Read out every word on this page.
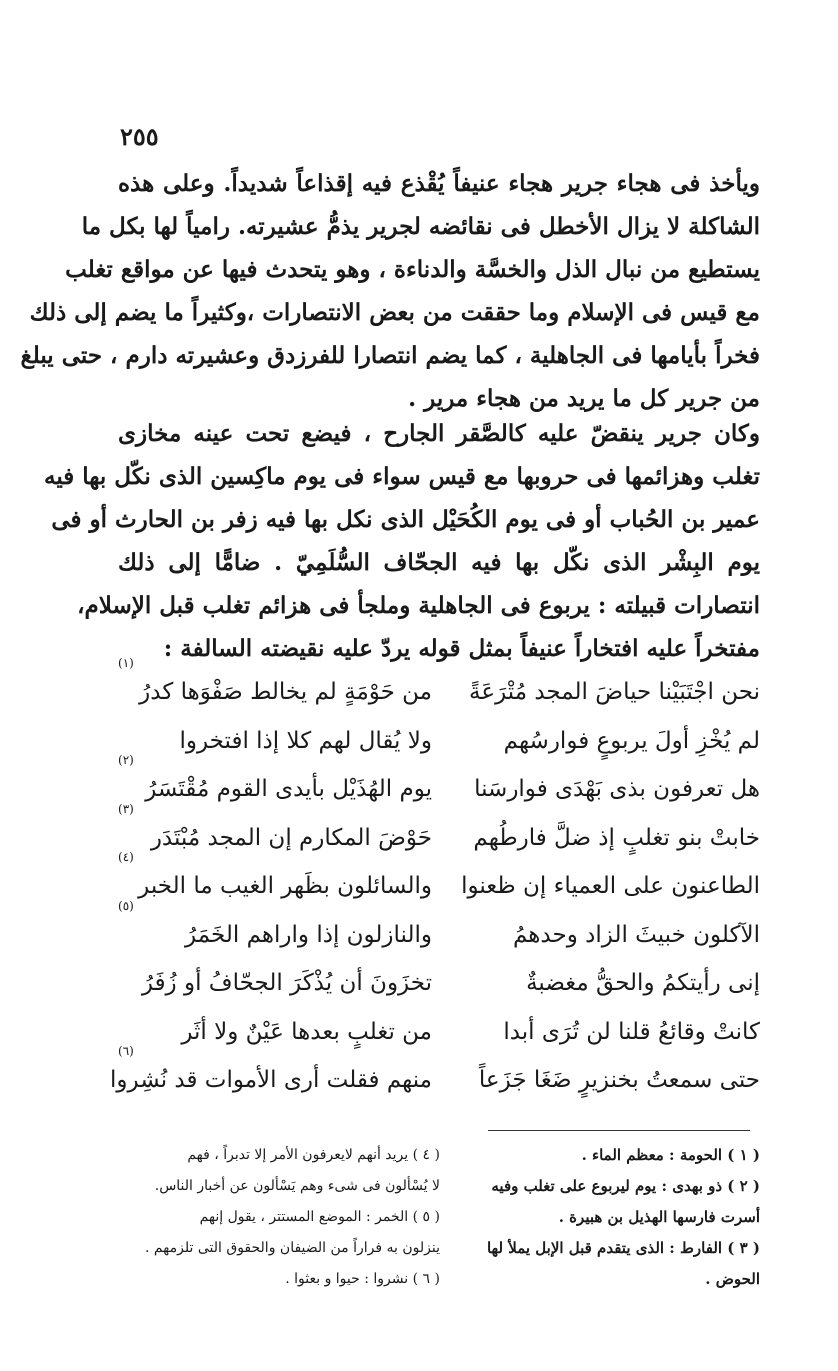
٢٥٥
ويأخذ فى هجاء جرير هجاء عنيفاً يُقْذع فيه إقذاعاً شديداً. وعلى هذه
الشاكلة لا يزال الأخطل فى نقائضه لجرير يذمُّ عشيرته. رامياً لها بكل ما
يستطيع من نبال الذل والخسَّة والدناءة ، وهو يتحدث فيها عن مواقع تغلب
مع قيس فى الإسلام وما حققت من بعض الانتصارات ،وكثيراً ما يضم إلى ذلك
فخراً بأيامها فى الجاهلية ، كما يضم انتصارا للفرزدق وعشيرته دارم ، حتى يبلغ
من جرير كل ما يريد من هجاء مرير .
وكان جرير ينقضّ عليه كالصَّقر الجارح ، فيضع تحت عينه مخازى
تغلب وهزائمها فى حروبها مع قيس سواء فى يوم ماكِسين الذى نكّل بها فيه
عمير بن الحُباب أو فى يوم الكُحَيْل الذى نكل بها فيه زفر بن الحارث أو فى
يوم البِشْر الذى نكّل بها فيه الجحّاف السُّلَمِيّ . ضامًّا إلى ذلك
انتصارات قبيلته : يربوع فى الجاهلية وملجأ فى هزائم تغلب قبل الإسلام،
مفتخراً عليه افتخاراً عنيفاً بمثل قوله يردّ عليه نقيضته السالفة :
نحن اجْتَبَيْنا حياضَ المجد مُتْرَعَةً
من حَوْمَةٍ لم يخالط صَفْوَها كدرُ
(١)
لم يُخْزِ أولَ يربوعٍ فوارسُهم
ولا يُقال لهم كلا إذا افتخروا
هل تعرفون بذى بَهْدَى فوارسَنا
يوم الهُذَيْل بأيدى القوم مُقْتَسَرُ
(٢)
خابتْ بنو تغلبٍ إذ ضلَّ فارطُهم
حَوْضَ المكارم إن المجد مُبْتَدَر
(٣)
الطاعنون على العمياء إن ظعنوا
والسائلون بظَهر الغيب ما الخبر
(٤)
الآكلون خبيثَ الزاد وحدهمُ
والنازلون إذا واراهم الخَمَرُ
(٥)
إنى رأيتكمُ والحقُّ مغضبةٌ
تخزَونَ أن يُذْكَرَ الجحّافُ أو زُفَرُ
كانتْ وقائعُ قلنا لن تُرَى أبدا
من تغلبٍ بعدها عَيْنٌ ولا أثَر
حتى سمعتُ بخنزيرٍ ضَغَا جَزَعاً
منهم فقلت أرى الأموات قد نُشِروا
(٦)
( ١ ) الحومة : معظم الماء .
( ٢ ) ذو بهدى : يوم ليربوع على تغلب وفيه
أسرت فارسها الهذيل بن هبيرة .
( ٣ ) الفارط : الذى يتقدم قبل الإبل يملأ لها
الحوض .
( ٤ ) يريد أنهم لايعرفون الأمر إلا تدبراً ، فهم
لا يُسْألون فى شىء وهم يَسْألون عن أخبار الناس.
( ٥ ) الخمر : الموضع المستتر ، يقول إنهم
ينزلون به فراراً من الضيفان والحقوق التى تلزمهم .
( ٦ ) نشروا : حيوا و بعثوا .
